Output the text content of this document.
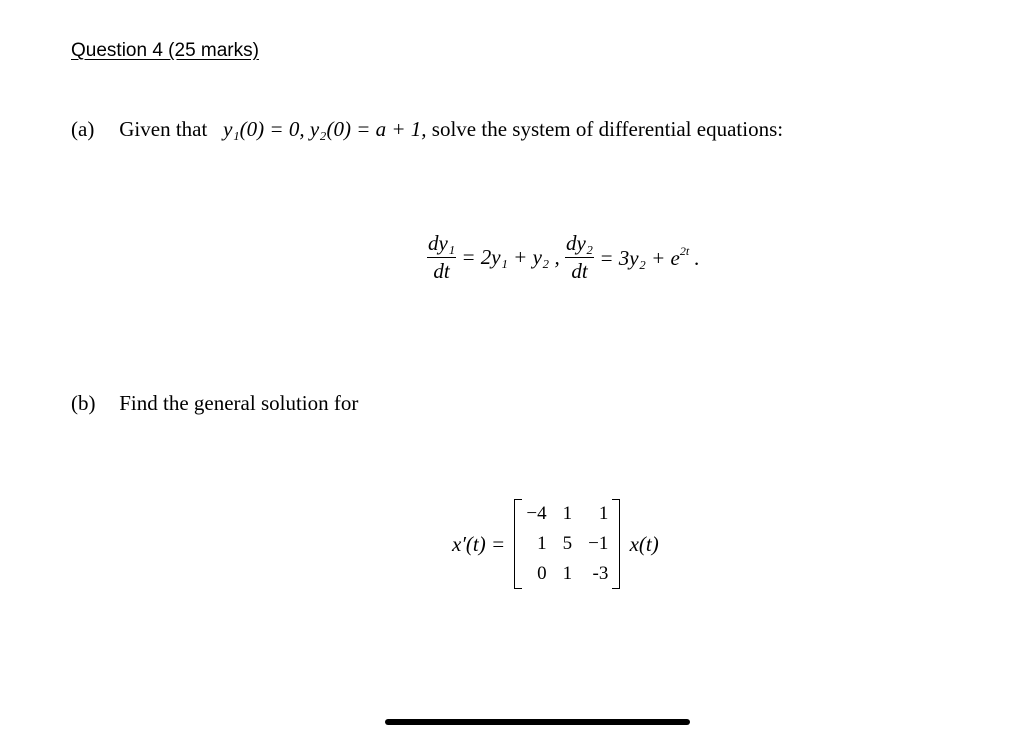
Question 4 (25 marks)
(a) Given that y₁(0) = 0, y₂(0) = a + 1, solve the system of differential equations:
$\frac{\text{dy₁}}{dt} = 2y_1 + y_2$ , $\frac{\text{dy₂}}{dt} = 3y_2 + e^{2t}$ .
(b) Find the general solution for
x′(t) =
−4	1	1
1	5	−1
0	1	-3
x(t)
